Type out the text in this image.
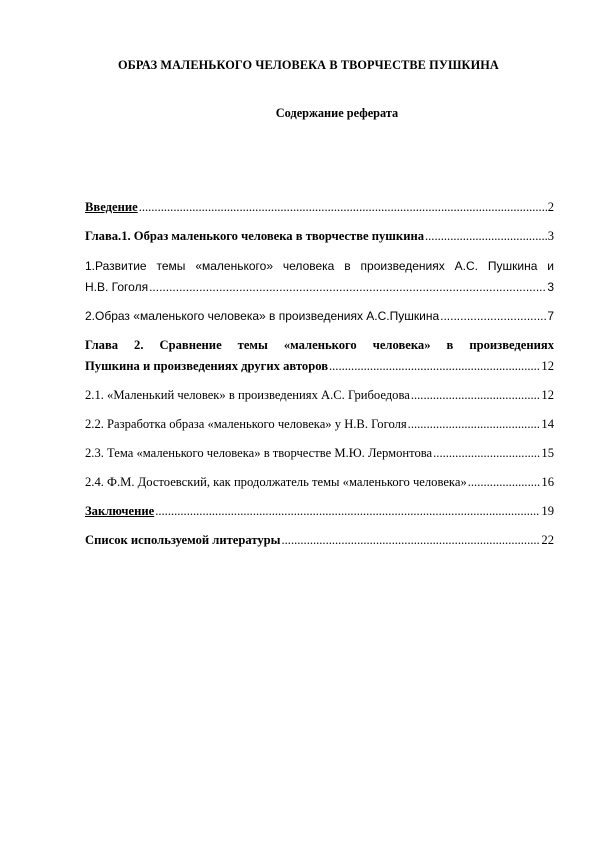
ОБРАЗ МАЛЕНЬКОГО ЧЕЛОВЕКА В ТВОРЧЕСТВЕ ПУШКИНА
Содержание реферата
Введение .....	2
Глава.1. Образ маленького человека в творчестве пушкина .....	3
1.Развитие темы «маленького» человека в произведениях А.С. Пушкина и
Н.В. Гоголя .....	3
2.Образ «маленького человека» в произведениях А.С.Пушкина .....	7
Глава 2. Сравнение темы «маленького человека» в произведениях
Пушкина и произведениях других авторов .....	12
2.1. «Маленький человек» в произведениях А.С. Грибоедова .....	12
2.2. Разработка образа «маленького человека» у Н.В. Гоголя .....	14
2.3. Тема «маленького человека» в творчестве М.Ю. Лермонтова .....	15
2.4. Ф.М. Достоевский, как продолжатель темы «маленького человека» .....	16
Заключение .....	19
Список используемой литературы .....	22
